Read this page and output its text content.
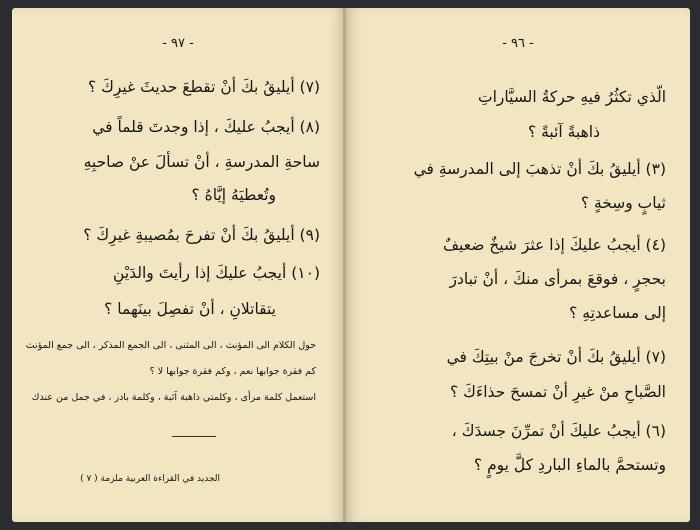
- ٩٧ -
(٧) أيليقُ بكَ أنْ تقطعَ حديثَ غيرِكَ ؟
(٨) أيجبُ عليكَ ، إذا وجدتَ قلماً في
ساحةِ المدرسةِ ، أنْ تسألَ عنْ صاحبِهِ
وتُعطيَهُ إيَّاهُ ؟
(٩) أيليقُ بكَ أنْ تفرحَ بمُصيبةِ غيرِكَ ؟
(١٠) أيجبُ عليكَ إذا رأيتَ والدَيْنِ
يتقاتلانِ ، أنْ تفصِلَ بينَهما ؟
حول الكلام الى المؤنث ، الى المثنى ، الى الجمع المذكر ، الى جمع المؤنث
كم فقرة جوابها نعم ، وكم فقرة جوابها لا ؟
استعمل كلمة مرأى ، وكلمتي ذاهبة آئبة ، وكلمة بادر ، في جمل من عندك
الجديد في القراءة العربية ملزمة ( ٧ )
- ٩٦ -
الّذي تكثُرُ فيهِ حركةُ السيَّاراتِ
ذاهبةً آئبةً ؟
(٣) أيليقُ بكَ أنْ تذهبَ إلى المدرسةِ في
ثيابٍ وسِخةٍ ؟
(٤) أيجبُ عليكَ إذا عثرَ شيخٌ ضعيفٌ
بحجرٍ ، فوقعَ بمرأى منكَ ، أنْ تبادرَ
إلى مساعدتِهِ ؟
(٧) أيليقُ بكَ أنْ تخرجَ منْ بيتِكَ في
الصَّباحِ منْ غيرِ أنْ تمسحَ حذاءَكَ ؟
(٦) أيجبُ عليكَ أنْ تمرِّنَ جسدَكَ ،
وتستحمَّ بالماءِ الباردِ كلَّ يومٍ ؟
